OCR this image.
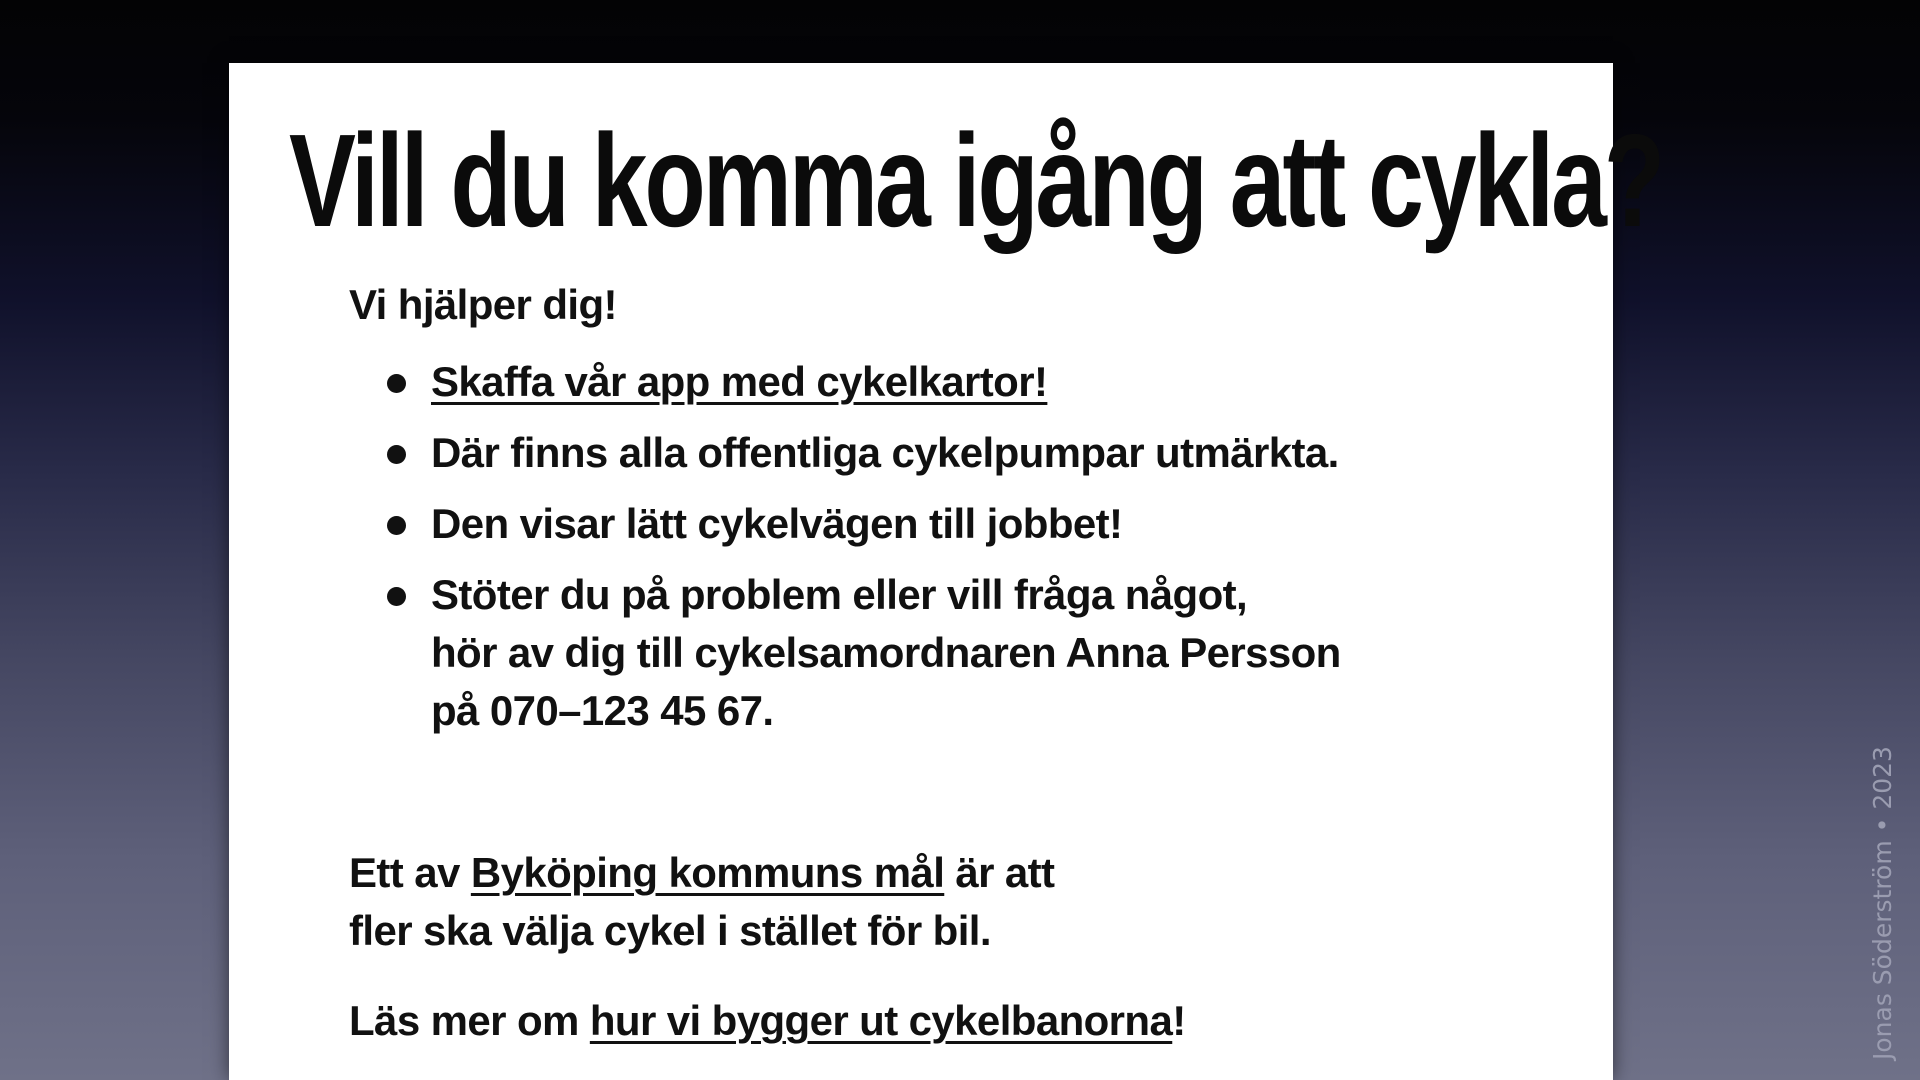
Vill du komma igång att cykla?

Vi hjälper dig!

Skaffa vår app med cykelkartor!
Där finns alla offentliga cykelpumpar utmärkta.
Den visar lätt cykelvägen till jobbet!
Stöter du på problem eller vill fråga något,
hör av dig till cykelsamordnaren Anna Persson
på 070–123 45 67.

Ett av Byköping kommuns mål är att
fler ska välja cykel i stället för bil.

Läs mer om hur vi bygger ut cykelbanorna!	Jonas Söderström • 2023
